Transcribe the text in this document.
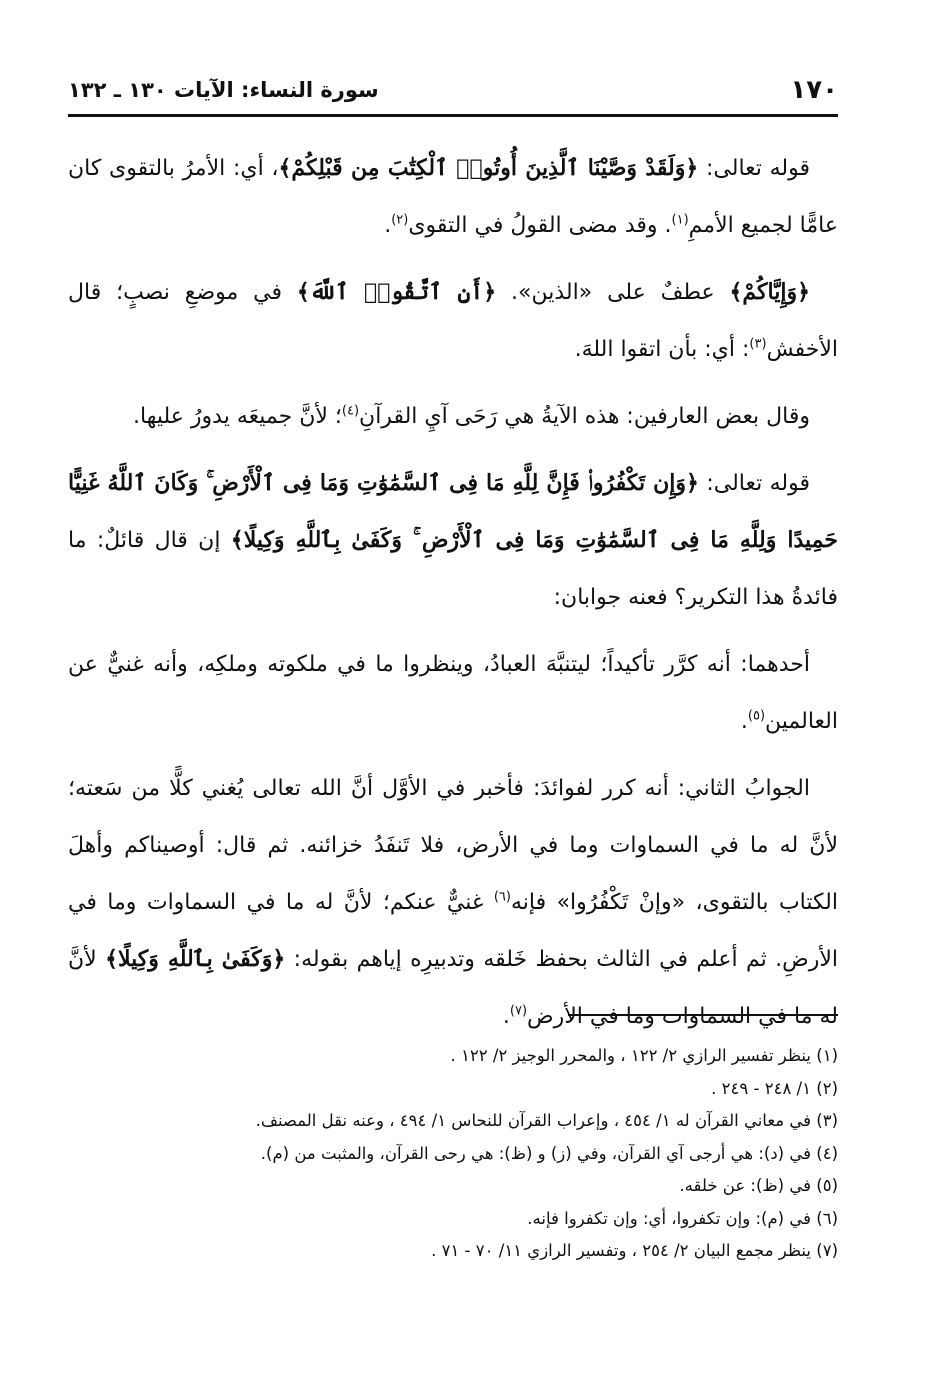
١٧٠
سورة النساء: الآيات ١٣٠ ـ ١٣٢

قوله تعالى: ﴿وَلَقَدْ وَصَّيْنَا ٱلَّذِينَ أُوتُوا۟ ٱلْكِتَٰبَ مِن قَبْلِكُمْ﴾، أي: الأمرُ بالتقوى كان عامًّا لجميع الأممِ$^{(١)}$. وقد مضى القولُ في التقوى$^{(٢)}$.

﴿وَإِيَّاكُمْ﴾ عطفٌ على «الذين». ﴿أَنِ ٱتَّقُوا۟ ٱللَّهَ﴾ في موضعِ نصبٍ؛ قال الأخفش$^{(٣)}$: أي: بأن اتقوا اللهَ.

وقال بعض العارفين: هذه الآيةُ هي رَحَى آيِ القرآنِ$^{(٤)}$؛ لأنَّ جميعَه يدورُ عليها.

قوله تعالى: ﴿وَإِن تَكْفُرُوا۟ فَإِنَّ لِلَّهِ مَا فِى ٱلسَّمَٰوَٰتِ وَمَا فِى ٱلْأَرْضِ ۚ وَكَانَ ٱللَّهُ غَنِيًّا حَمِيدًا وَلِلَّهِ مَا فِى ٱلسَّمَٰوَٰتِ وَمَا فِى ٱلْأَرْضِ ۚ وَكَفَىٰ بِٱللَّهِ وَكِيلًا﴾ إن قال قائلٌ: ما فائدةُ هذا التكرير؟ فعنه جوابان:

أحدهما: أنه كرَّر تأكيداً؛ ليتنبَّهَ العبادُ، وينظروا ما في ملكوته وملكِه، وأنه غنيٌّ عن العالمين$^{(٥)}$.

الجوابُ الثاني: أنه كرر لفوائدَ: فأخبر في الأوَّل أنَّ الله تعالى يُغني كلًّا من سَعته؛ لأنَّ له ما في السماوات وما في الأرض، فلا تَنفَدُ خزائنه. ثم قال: أوصيناكم وأهلَ الكتاب بالتقوى، «وإنْ تَكْفُرُوا» فإنه$^{(٦)}$ غنيٌّ عنكم؛ لأنَّ له ما في السماوات وما في الأرضِ. ثم أعلم في الثالث بحفظ خَلقه وتدبيرِه إياهم بقوله: ﴿وَكَفَىٰ بِٱللَّهِ وَكِيلًا﴾ لأنَّ له ما في السماوات وما في الأرض$^{(٧)}$.

(١) ينظر تفسير الرازي ٢/ ١٢٢ ، والمحرر الوجيز ٢/ ١٢٢ .

(٢) ١/ ٢٤٨ - ٢٤٩ .

(٣) في معاني القرآن له ١/ ٤٥٤ ، وإعراب القرآن للنحاس ١/ ٤٩٤ ، وعنه نقل المصنف.

(٤) في (د): هي أرجى آي القرآن، وفي (ز) و (ظ): هي رحى القرآن، والمثبت من (م).

(٥) في (ظ): عن خلقه.

(٦) في (م): وإن تكفروا، أي: وإن تكفروا فإنه.

(٧) ينظر مجمع البيان ٢/ ٢٥٤ ، وتفسير الرازي ١١/ ٧٠ - ٧١ .
